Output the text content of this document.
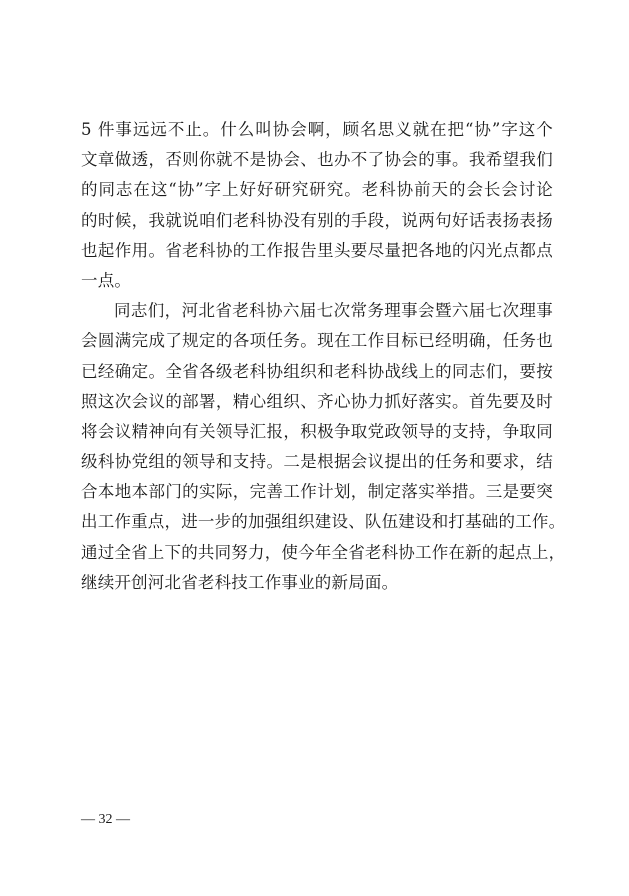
5 件事远远不止。什么叫协会啊，顾名思义就在把“协”字这个
文章做透，否则你就不是协会、也办不了协会的事。我希望我们
的同志在这“协”字上好好研究研究。老科协前天的会长会讨论
的时候，我就说咱们老科协没有别的手段，说两句好话表扬表扬
也起作用。省老科协的工作报告里头要尽量把各地的闪光点都点
一点。
同志们，河北省老科协六届七次常务理事会暨六届七次理事
会圆满完成了规定的各项任务。现在工作目标已经明确，任务也
已经确定。全省各级老科协组织和老科协战线上的同志们，要按
照这次会议的部署，精心组织、齐心协力抓好落实。首先要及时
将会议精神向有关领导汇报，积极争取党政领导的支持，争取同
级科协党组的领导和支持。二是根据会议提出的任务和要求，结
合本地本部门的实际，完善工作计划，制定落实举措。三是要突
出工作重点，进一步的加强组织建设、队伍建设和打基础的工作。
通过全省上下的共同努力，使今年全省老科协工作在新的起点上，
继续开创河北省老科技工作事业的新局面。
— 32 —
